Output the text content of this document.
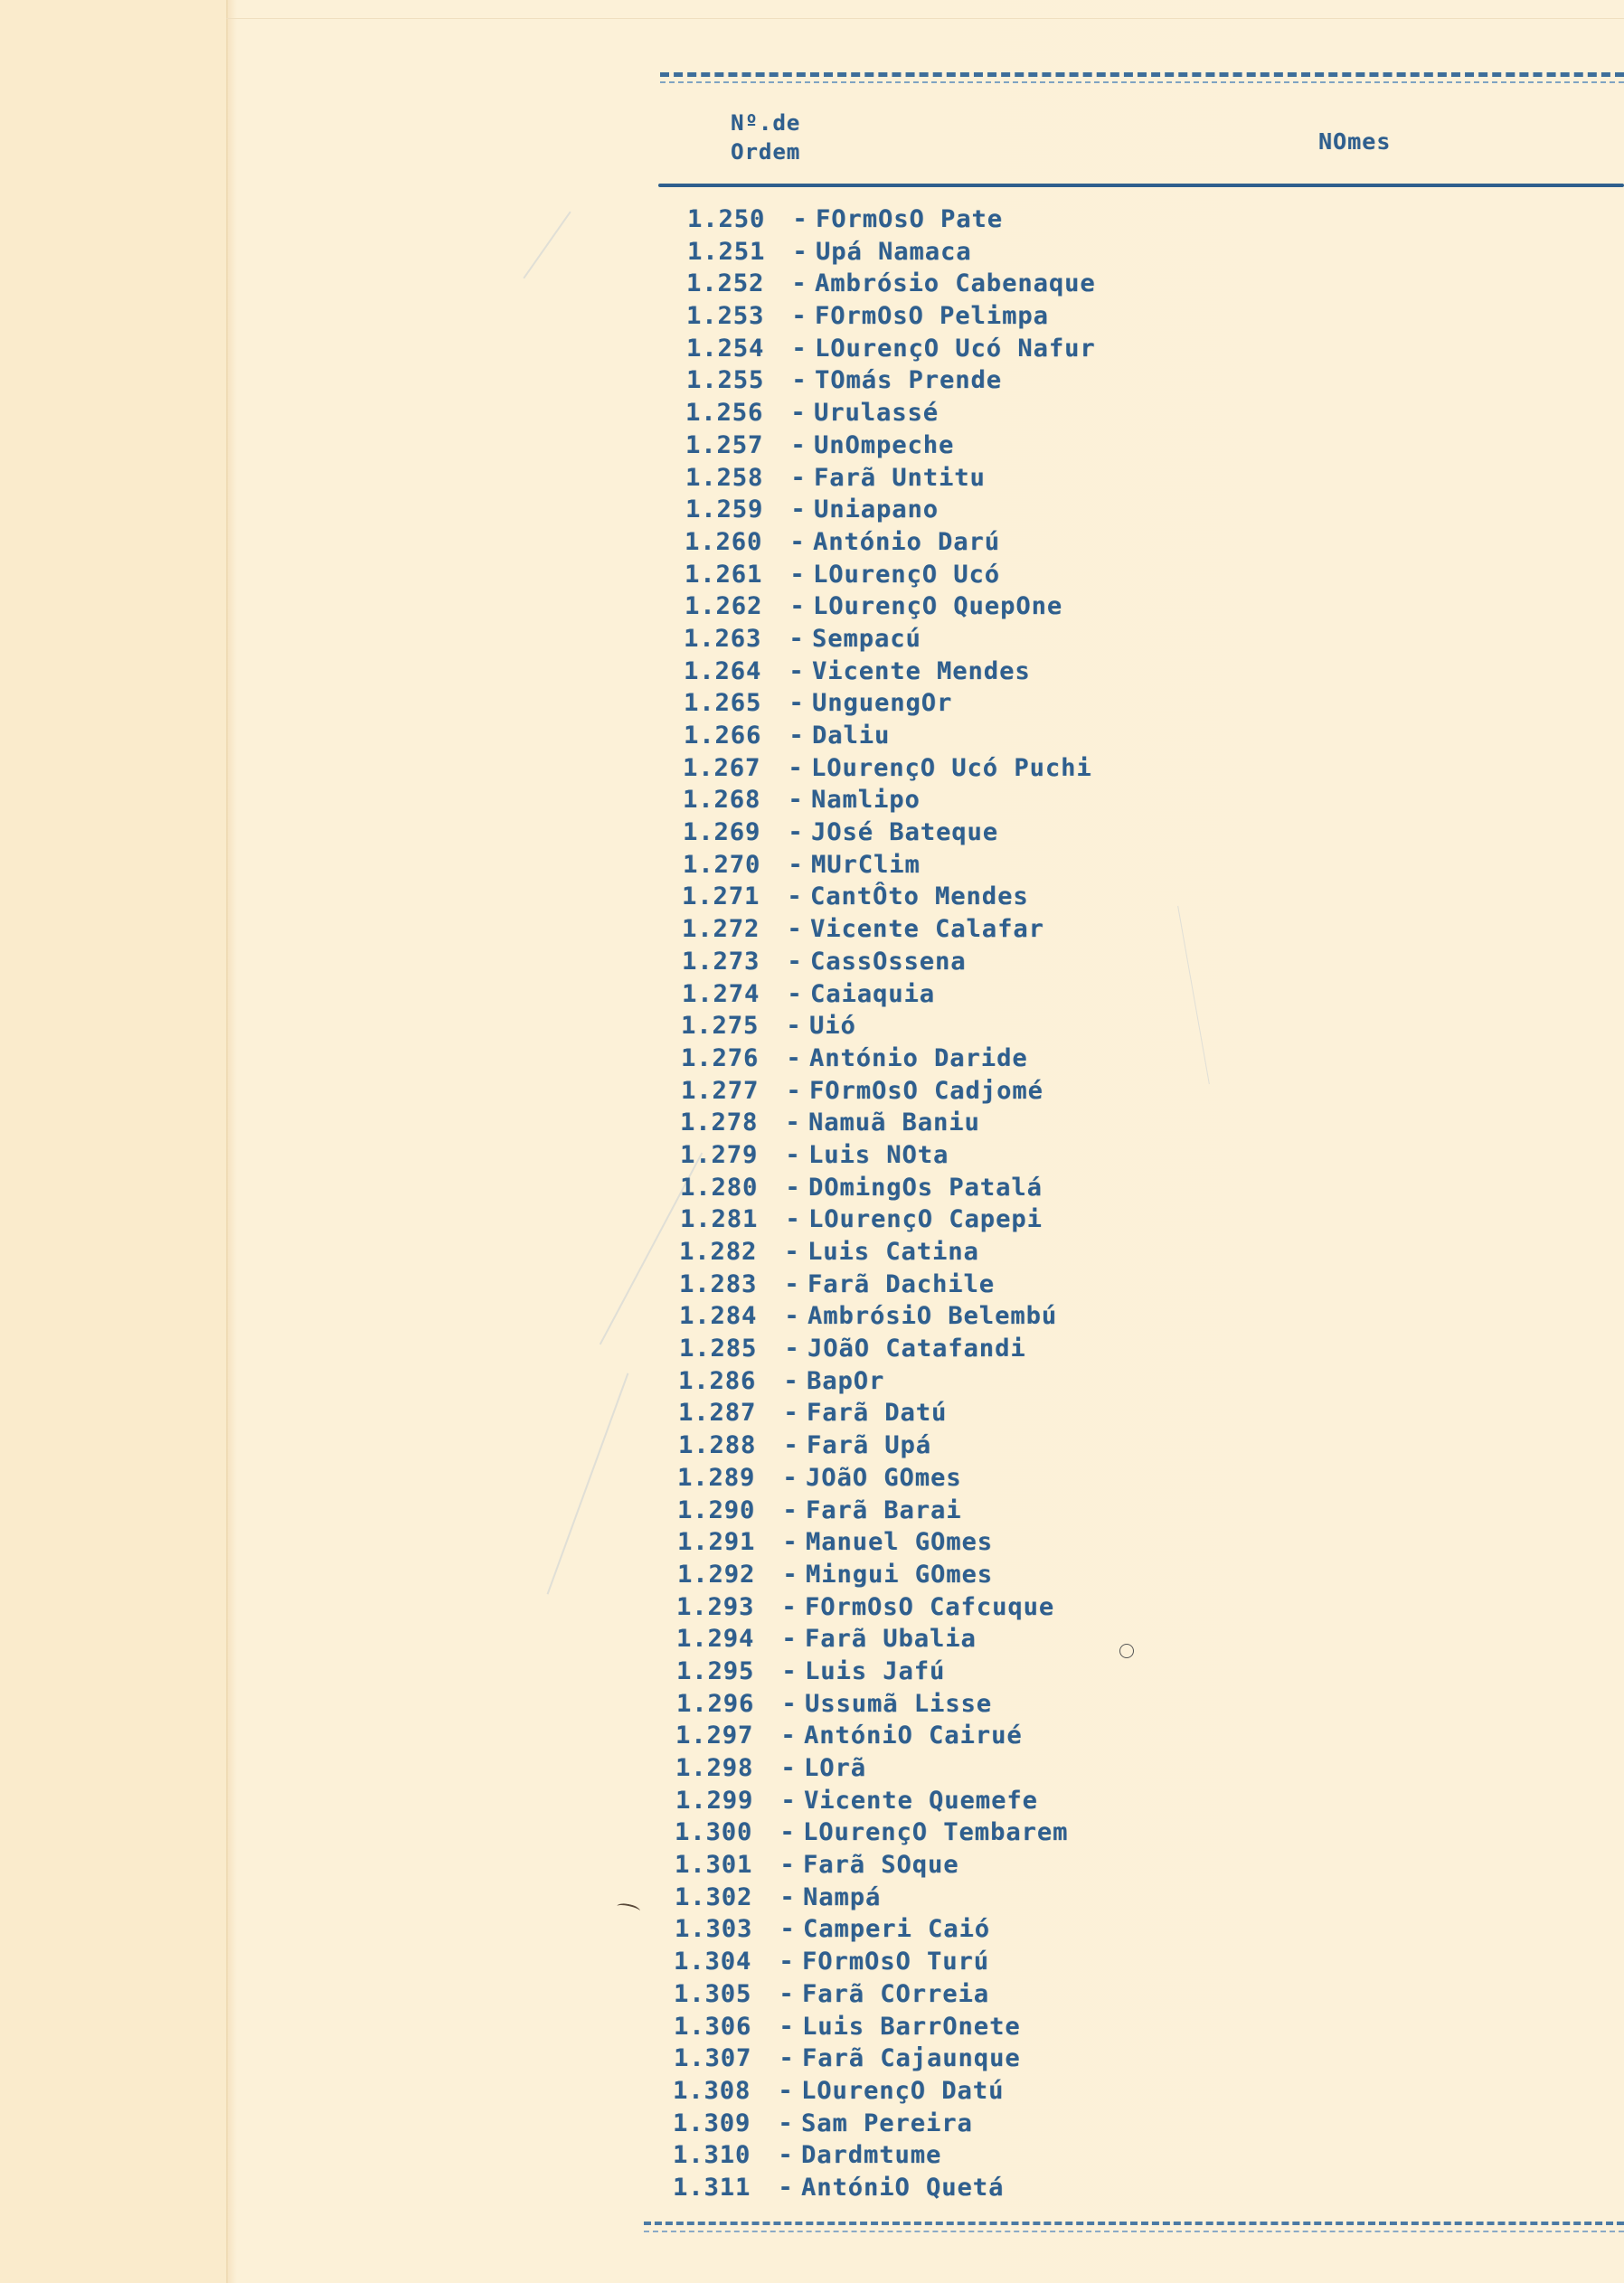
Nº.de
Ordem	NOmes
1.250 - FOrmOsO Pate
1.251 - Upá Namaca
1.252 - Ambrósio Cabenaque
1.253 - FOrmOsO Pelimpa
1.254 - LOurençO Ucó Nafur
1.255 - TOmás Prende
1.256 - Urulassé
1.257 - UnOmpeche
1.258 - Farã Untitu
1.259 - Uniapano
1.260 - António Darú
1.261 - LOurençO Ucó
1.262 - LOurençO QuepOne
1.263 - Sempacú
1.264 - Vicente Mendes
1.265 - UnguengOr
1.266 - Daliu
1.267 - LOurençO Ucó Puchi
1.268 - Namlipo
1.269 - JOsé Bateque
1.270 - MUrClim
1.271 - CantÔto Mendes
1.272 - Vicente Calafar
1.273 - CassOssena
1.274 - Caiaquia
1.275 - Uió
1.276 - António Daride
1.277 - FOrmOsO Cadjomé
1.278 - Namuã Baniu
1.279 - Luis NOta
1.280 - DOmingOs Patalá
1.281 - LOurençO Capepi
1.282 - Luis Catina
1.283 - Farã Dachile
1.284 - AmbrósiO Belembú
1.285 - JOãO Catafandi
1.286 - BapOr
1.287 - Farã Datú
1.288 - Farã Upá
1.289 - JOãO GOmes
1.290 - Farã Barai
1.291 - Manuel GOmes
1.292 - Mingui GOmes
1.293 - FOrmOsO Cafcuque
1.294 - Farã Ubalia
1.295 - Luis Jafú
1.296 - Ussumã Lisse
1.297 - AntóniO Cairué
1.298 - LOrã
1.299 - Vicente Quemefe
1.300 - LOurençO Tembarem
1.301 - Farã SOque
1.302 - Nampá
1.303 - Camperi Caió
1.304 - FOrmOsO Turú
1.305 - Farã COrreia
1.306 - Luis BarrOnete
1.307 - Farã Cajaunque
1.308 - LOurençO Datú
1.309 - Sam Pereira
1.310 - Dardmtume
1.311 - AntóniO Quetá
